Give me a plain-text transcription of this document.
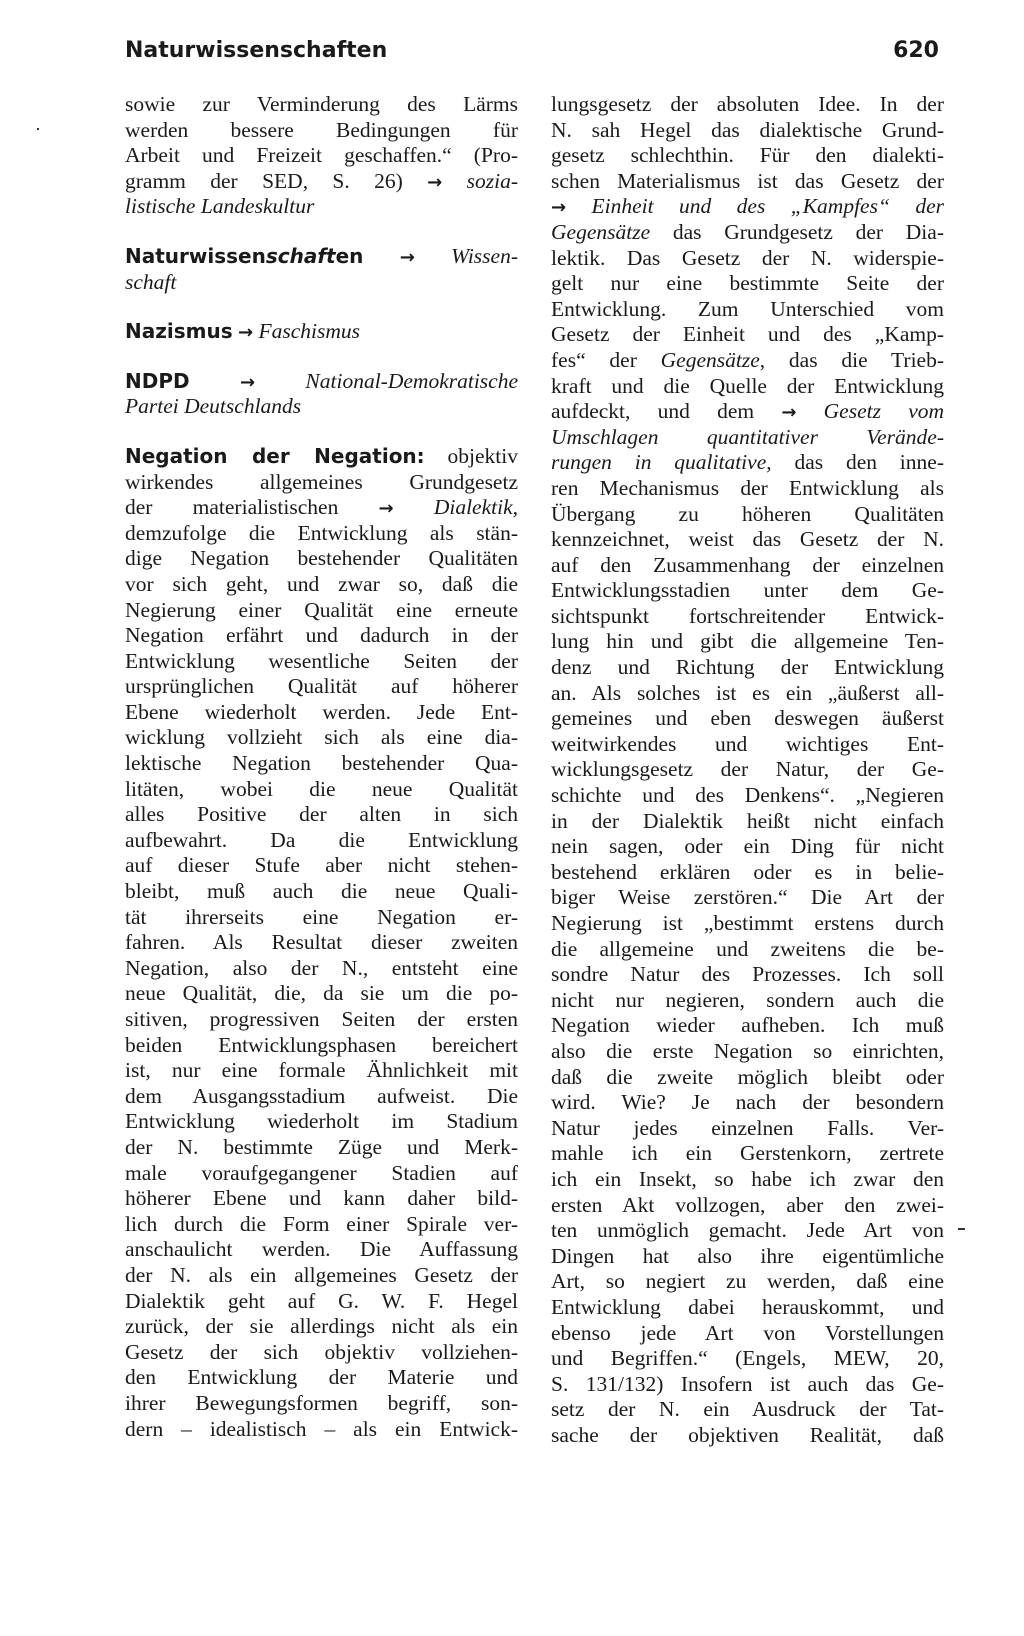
Naturwissenschaften	620
sowie zur Verminderung des Lärms
werden bessere Bedingungen für
Arbeit und Freizeit geschaffen.“ (Pro-
gramm der SED, S. 26) → sozia-
listische Landeskultur
Naturwissenschaften → Wissen-
schaft
Nazismus → Faschismus
NDPD	→ National-Demokratische
Partei Deutschlands
Negation der Negation: objektiv
wirkendes allgemeines Grundgesetz
der materialistischen → Dialektik,
demzufolge die Entwicklung als stän-
dige Negation bestehender Qualitäten
vor sich geht, und zwar so, daß die
Negierung einer Qualität eine erneute
Negation erfährt und dadurch in der
Entwicklung wesentliche Seiten der
ursprünglichen Qualität auf höherer
Ebene wiederholt werden. Jede Ent-
wicklung vollzieht sich als eine dia-
lektische Negation bestehender Qua-
litäten, wobei die neue Qualität
alles Positive der alten in sich
aufbewahrt. Da die Entwicklung
auf dieser Stufe aber nicht stehen-
bleibt, muß auch die neue Quali-
tät ihrerseits eine Negation er-
fahren. Als Resultat dieser zweiten
Negation, also der N., entsteht eine
neue Qualität, die, da sie um die po-
sitiven, progressiven Seiten der ersten
beiden Entwicklungsphasen bereichert
ist, nur eine formale Ähnlichkeit mit
dem Ausgangsstadium aufweist. Die
Entwicklung wiederholt im Stadium
der N. bestimmte Züge und Merk-
male voraufgegangener Stadien auf
höherer Ebene und kann daher bild-
lich durch die Form einer Spirale ver-
anschaulicht werden. Die Auffassung
der N. als ein allgemeines Gesetz der
Dialektik geht auf G. W. F. Hegel
zurück, der sie allerdings nicht als ein
Gesetz der sich objektiv vollziehen-
den Entwicklung der Materie und
ihrer Bewegungsformen begriff, son-
dern – idealistisch – als ein Entwick-
lungsgesetz der absoluten Idee. In der
N. sah Hegel das dialektische Grund-
gesetz schlechthin. Für den dialekti-
schen Materialismus ist das Gesetz der
→ Einheit und des „Kampfes“ der
Gegensätze das Grundgesetz der Dia-
lektik. Das Gesetz der N. widerspie-
gelt nur eine bestimmte Seite der
Entwicklung. Zum Unterschied vom
Gesetz der Einheit und des „Kamp-
fes“ der Gegensätze, das die Trieb-
kraft und die Quelle der Entwicklung
aufdeckt, und dem → Gesetz vom
Umschlagen quantitativer Verände-
rungen in qualitative, das den inne-
ren Mechanismus der Entwicklung als
Übergang zu höheren Qualitäten
kennzeichnet, weist das Gesetz der N.
auf den Zusammenhang der einzelnen
Entwicklungsstadien unter dem Ge-
sichtspunkt fortschreitender Entwick-
lung hin und gibt die allgemeine Ten-
denz und Richtung der Entwicklung
an. Als solches ist es ein „äußerst all-
gemeines und eben deswegen äußerst
weitwirkendes und wichtiges Ent-
wicklungsgesetz der Natur, der Ge-
schichte und des Denkens“. „Negieren
in der Dialektik heißt nicht einfach
nein sagen, oder ein Ding für nicht
bestehend erklären oder es in belie-
biger Weise zerstören.“ Die Art der
Negierung ist „bestimmt erstens durch
die allgemeine und zweitens die be-
sondre Natur des Prozesses. Ich soll
nicht nur negieren, sondern auch die
Negation wieder aufheben. Ich muß
also die erste Negation so einrichten,
daß die zweite möglich bleibt oder
wird. Wie? Je nach der besondern
Natur jedes einzelnen Falls. Ver-
mahle ich ein Gerstenkorn, zertrete
ich ein Insekt, so habe ich zwar den
ersten Akt vollzogen, aber den zwei-
ten unmöglich gemacht. Jede Art von
Dingen hat also ihre eigentümliche
Art, so negiert zu werden, daß eine
Entwicklung dabei herauskommt, und
ebenso jede Art von Vorstellungen
und Begriffen.“ (Engels, MEW, 20,
S. 131/132) Insofern ist auch das Ge-
setz der N. ein Ausdruck der Tat-
sache der objektiven Realität, daß
